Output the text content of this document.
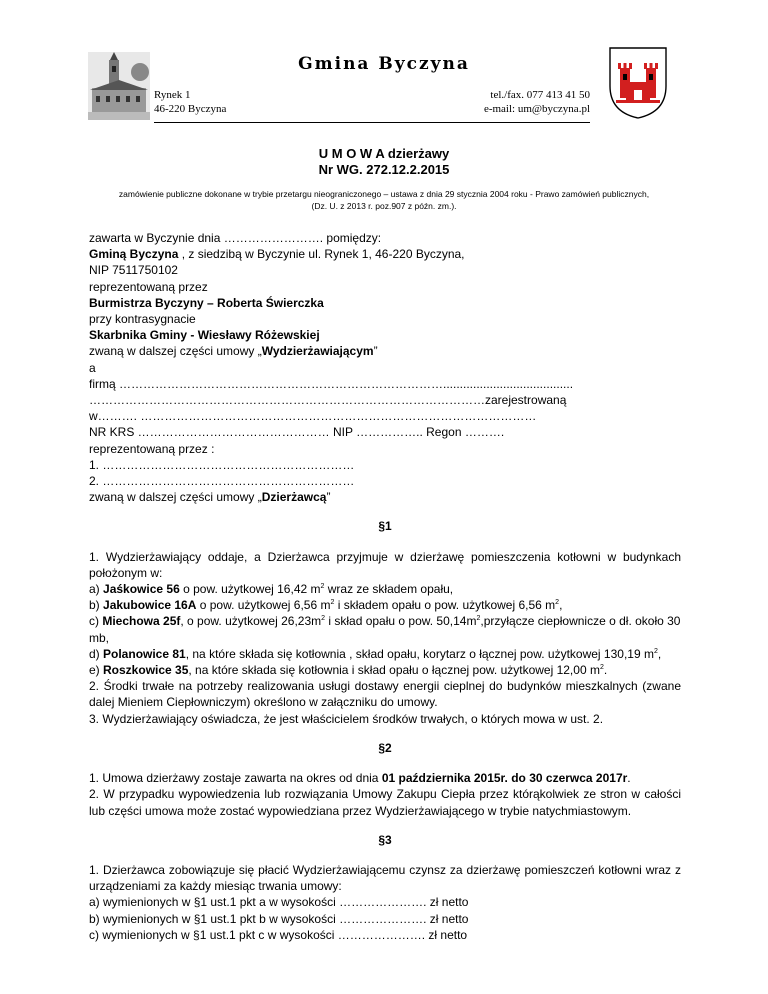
Gmina Byczyna
Rynek 1
46-220 Byczyna
tel./fax. 077 413 41 50
e-mail: um@byczyna.pl
U M O W A dzierżawy
Nr WG. 272.12.2.2015
zamówienie publiczne dokonane w trybie przetargu nieograniczonego – ustawa z dnia 29 stycznia 2004 roku - Prawo zamówień publicznych, (Dz. U. z 2013 r. poz.907 z późn. zm.).

zawarta w Byczynie dnia ……………………. pomiędzy:

Gminą Byczyna , z siedzibą w Byczynie ul. Rynek 1, 46-220 Byczyna,

NIP 7511750102

reprezentowaną przez

Burmistrza Byczyny – Roberta Świerczka

przy kontrasygnacie

Skarbnika Gminy - Wiesławy Różewskiej

zwaną w dalszej części umowy „Wydzierżawiającym”

a

firmą ……………………………………………………………………….......................................

………………………………………………………………………………………zarejestrowaną

w………. ………………………………………………………………………………………

NR KRS ………………………………………… NIP …………….. Regon ……….

reprezentowaną przez :

1. ………………………………………………………

2. ………………………………………………………

zwaną w dalszej części umowy „Dzierżawcą”

§1

1. Wydzierżawiający oddaje, a Dzierżawca przyjmuje w dzierżawę pomieszczenia kotłowni w budynkach położonym w:

a) Jaśkowice 56 o pow. użytkowej 16,42 $m^2$ wraz ze składem opału,

b) Jakubowice 16A o pow. użytkowej 6,56 $m^2$ i składem opału o pow. użytkowej 6,56 $m^2$,

c) Miechowa 25f, o pow. użytkowej $26,23m^2$ i skład opału o pow. $50,14m^2,przyłącze$ ciepłownicze o dł. około 30 mb,

d) Polanowice 81, na które składa się kotłownia , skład opału, korytarz o łącznej pow. użytkowej 130,19 $m^2$,

e) Roszkowice 35, na które składa się kotłownia i skład opału o łącznej pow. użytkowej 12,00 $m^2$.

2. Środki trwałe na potrzeby realizowania usługi dostawy energii cieplnej do budynków mieszkalnych (zwane dalej Mieniem Ciepłowniczym) określono w załączniku do umowy.

3. Wydzierżawiający oświadcza, że jest właścicielem środków trwałych, o których mowa w ust. 2.

§2

1. Umowa dzierżawy zostaje zawarta na okres od dnia 01 października 2015r. do 30 czerwca 2017r.

2. W przypadku wypowiedzenia lub rozwiązania Umowy Zakupu Ciepła przez którąkolwiek ze stron w całości lub części umowa może zostać wypowiedziana przez Wydzierżawiającego w trybie natychmiastowym.

§3

1. Dzierżawca zobowiązuje się płacić Wydzierżawiającemu czynsz za dzierżawę pomieszczeń kotłowni wraz z urządzeniami za każdy miesiąc trwania umowy:

a) wymienionych w §1 ust.1 pkt a w wysokości …………………. zł netto

b) wymienionych w §1 ust.1 pkt b w wysokości …………………. zł netto

c) wymienionych w §1 ust.1 pkt c w wysokości …………………. zł netto
